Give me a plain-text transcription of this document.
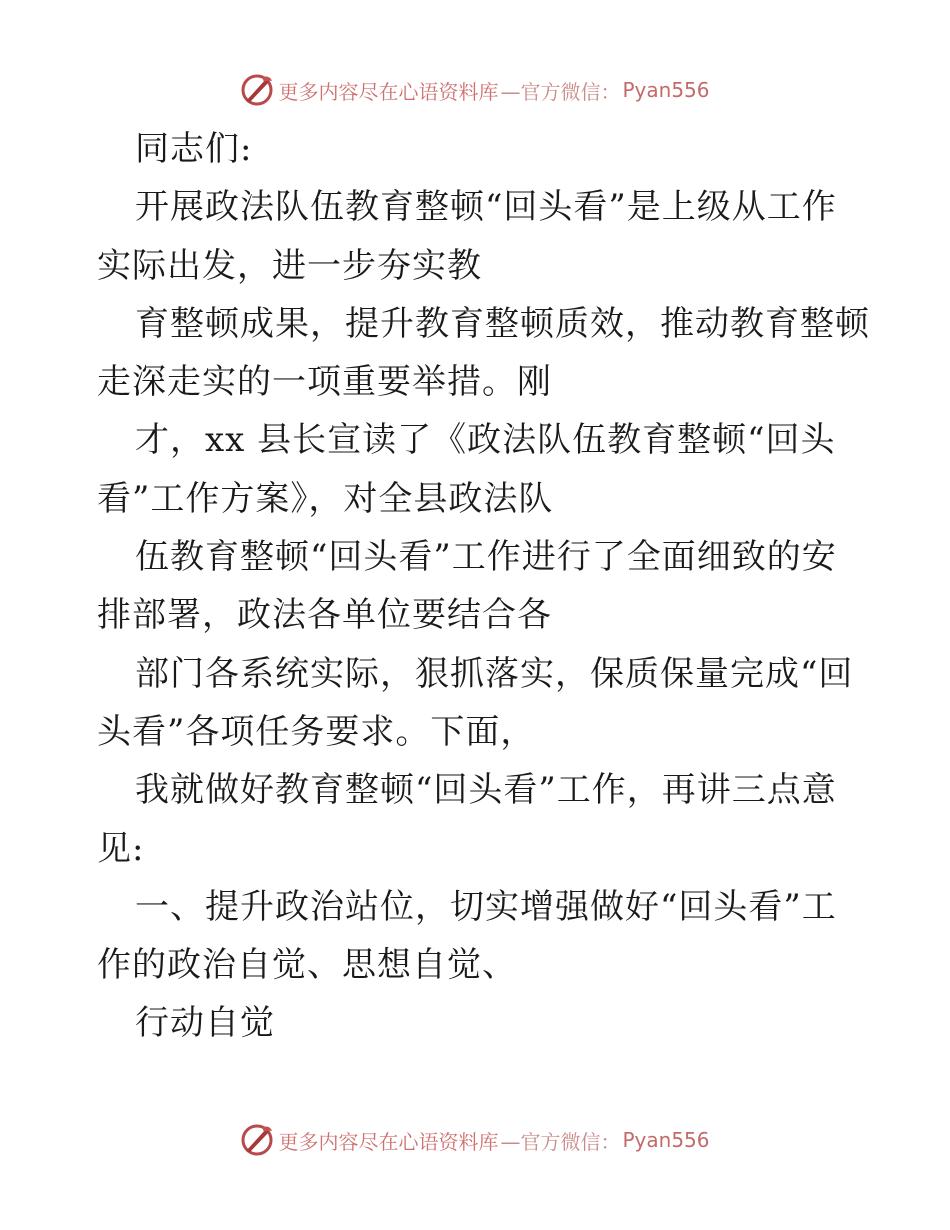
更多内容尽在心语资料库 —官方微信： Pyan556
同志们:
开展政法队伍教育整顿“回头看”是上级从工作
实际出发，进一步夯实教
育整顿成果，提升教育整顿质效，推动教育整顿
走深走实的一项重要举措。刚
才，xx 县长宣读了《政法队伍教育整顿“回头
看”工作方案》，对全县政法队
伍教育整顿“回头看”工作进行了全面细致的安
排部署，政法各单位要结合各
部门各系统实际，狠抓落实，保质保量完成“回
头看”各项任务要求。下面，
我就做好教育整顿“回头看”工作，再讲三点意
见:
一、提升政治站位，切实增强做好“回头看”工
作的政治自觉、思想自觉、
行动自觉
更多内容尽在心语资料库 —官方微信： Pyan556
